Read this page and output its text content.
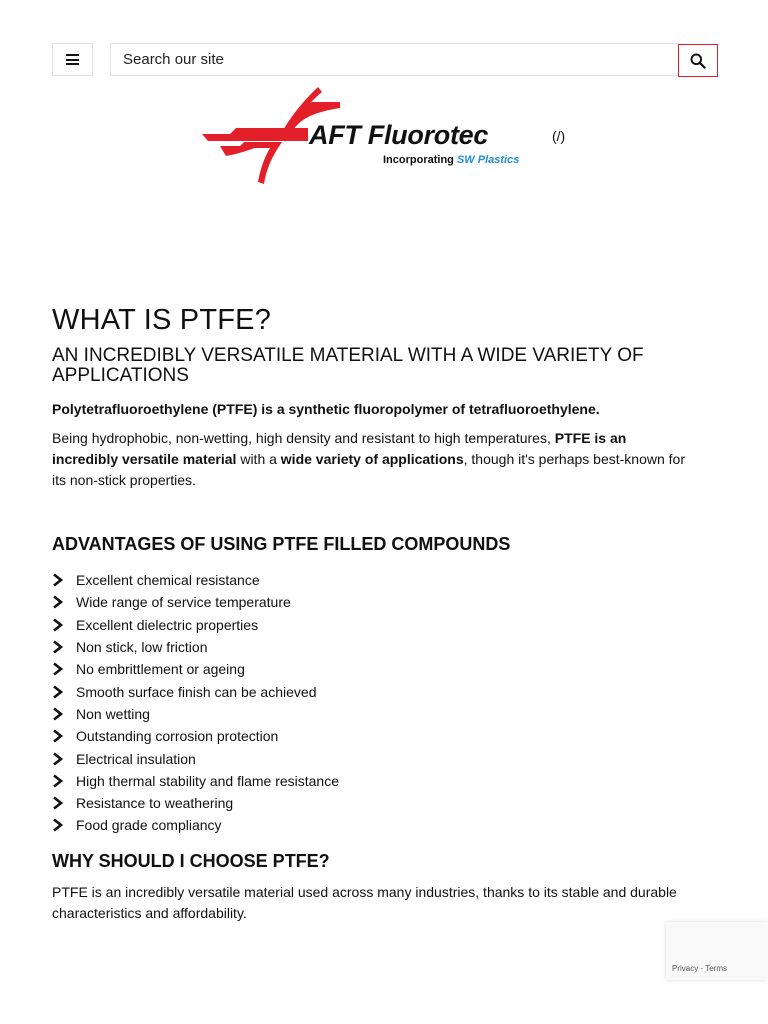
Search our site
AFT Fluorotec	(/)
Incorporating SW Plastics
WHAT IS PTFE?
AN INCREDIBLY VERSATILE MATERIAL WITH A WIDE VARIETY OF APPLICATIONS

Polytetrafluoroethylene (PTFE) is a synthetic fluoropolymer of tetrafluoroethylene.

Being hydrophobic, non-wetting, high density and resistant to high temperatures, PTFE is an incredibly versatile material with a wide variety of applications, though it's perhaps best-known for its non-stick properties.

ADVANTAGES OF USING PTFE FILLED COMPOUNDS
Excellent chemical resistance
Wide range of service temperature
Excellent dielectric properties
Non stick, low friction
No embrittlement or ageing
Smooth surface finish can be achieved
Non wetting
Outstanding corrosion protection
Electrical insulation
High thermal stability and flame resistance
Resistance to weathering
Food grade compliancy
WHY SHOULD I CHOOSE PTFE?

PTFE is an incredibly versatile material used across many industries, thanks to its stable and durable characteristics and affordability.

Privacy - Terms
